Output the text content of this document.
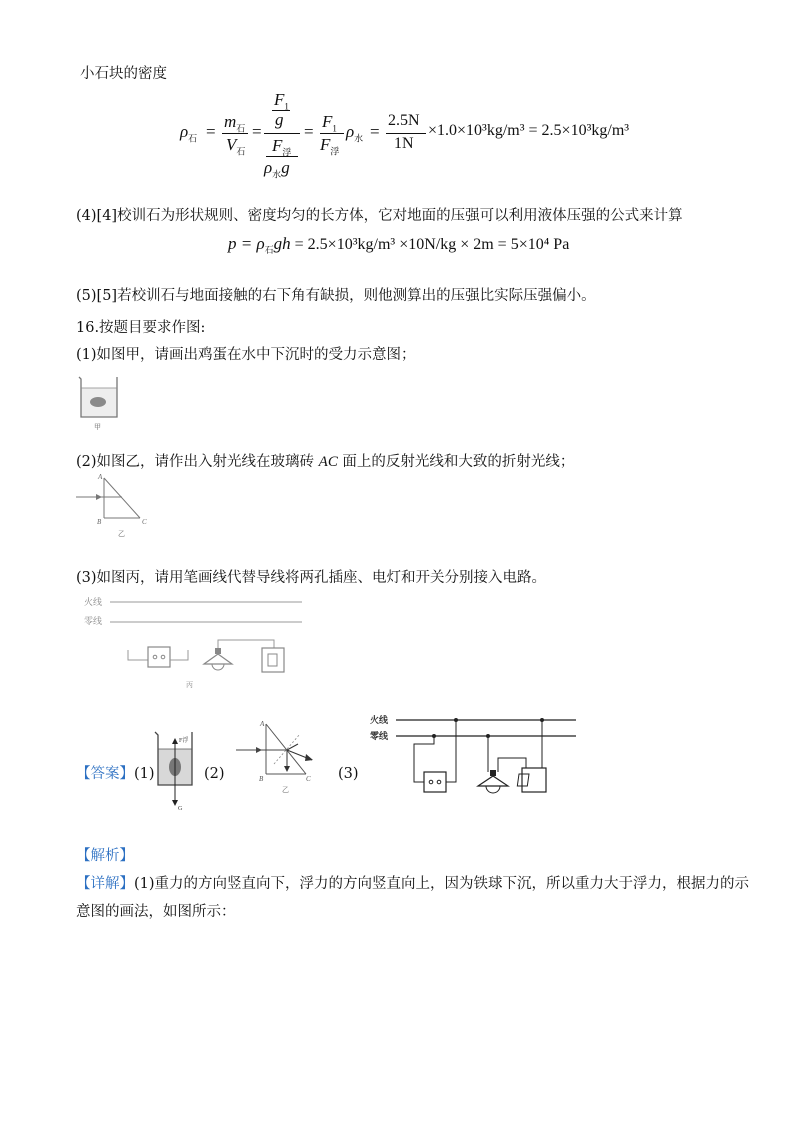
小石块的密度
$\rho_石$ =
$m_石$
$V_石$
=
$F_1$
g
$F_浮$
$\rho_水g$
=
$F_1$
$F_浮$
$\rho_水$ =
2.5N
1N
×1.0×10³kg/m³ = 2.5×10³kg/m³
(4)[4]校训石为形状规则、密度均匀的长方体，它对地面的压强可以利用液体压强的公式来计算
$p = \rho_石gh = 2.5\times 10^3kg/m^3 \times 10N/kg \times 2m = 5\times 10^4$ Pa
(5)[5]若校训石与地面接触的右下角有缺损，则他测算出的压强比实际压强偏小。
16.按题目要求作图:
(1)如图甲，请画出鸡蛋在水中下沉时的受力示意图；
甲
(2)如图乙，请作出入射光线在玻璃砖 AC 面上的反射光线和大致的折射光线；
A
B	C
乙
(3)如图丙，请用笔画线代替导线将两孔插座、电灯和开关分别接入电路。
火线
零线
丙
【答案】(1)
F浮
G
(2)
A
B	C
乙
(3)
火线
零线
【解析】
【详解】(1)重力的方向竖直向下，浮力的方向竖直向上，因为铁球下沉，所以重力大于浮力，根据力的示
意图的画法，如图所示：
